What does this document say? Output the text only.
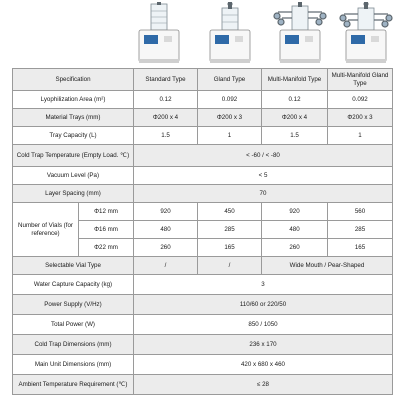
Specification		Standard Type	Gland Type	Multi-Manifold Type	Multi-Manifold Gland Type
Lyophilization Area (m²)		0.12	0.092	0.12	0.092
Material Trays (mm)		Φ200 x 4	Φ200 x 3	Φ200 x 4	Φ200 x 3
Tray Capacity (L)		1.5	1	1.5	1
Cold Trap Temperature (Empty Load. ℃)		< -60 / < -80			
Vacuum Level (Pa)		< 5			
Layer Spacing (mm)		70			
Number of Vials (for reference)	Φ12 mm	920	450	920	560
	Φ16 mm	480	285	480	285
	Φ22 mm	260	165	260	165
Selectable Vial Type		/	/	Wide Mouth / Pear-Shaped	
Water Capture Capacity (kg)		3			
Power Supply (V/Hz)		110/60 or 220/50			
Total Power (W)		850 / 1050			
Cold Trap Dimensions (mm)		236 x 170			
Main Unit Dimensions (mm)		420 x 680 x 460			
Ambient Temperature Requirement (℃)		≤ 28			
